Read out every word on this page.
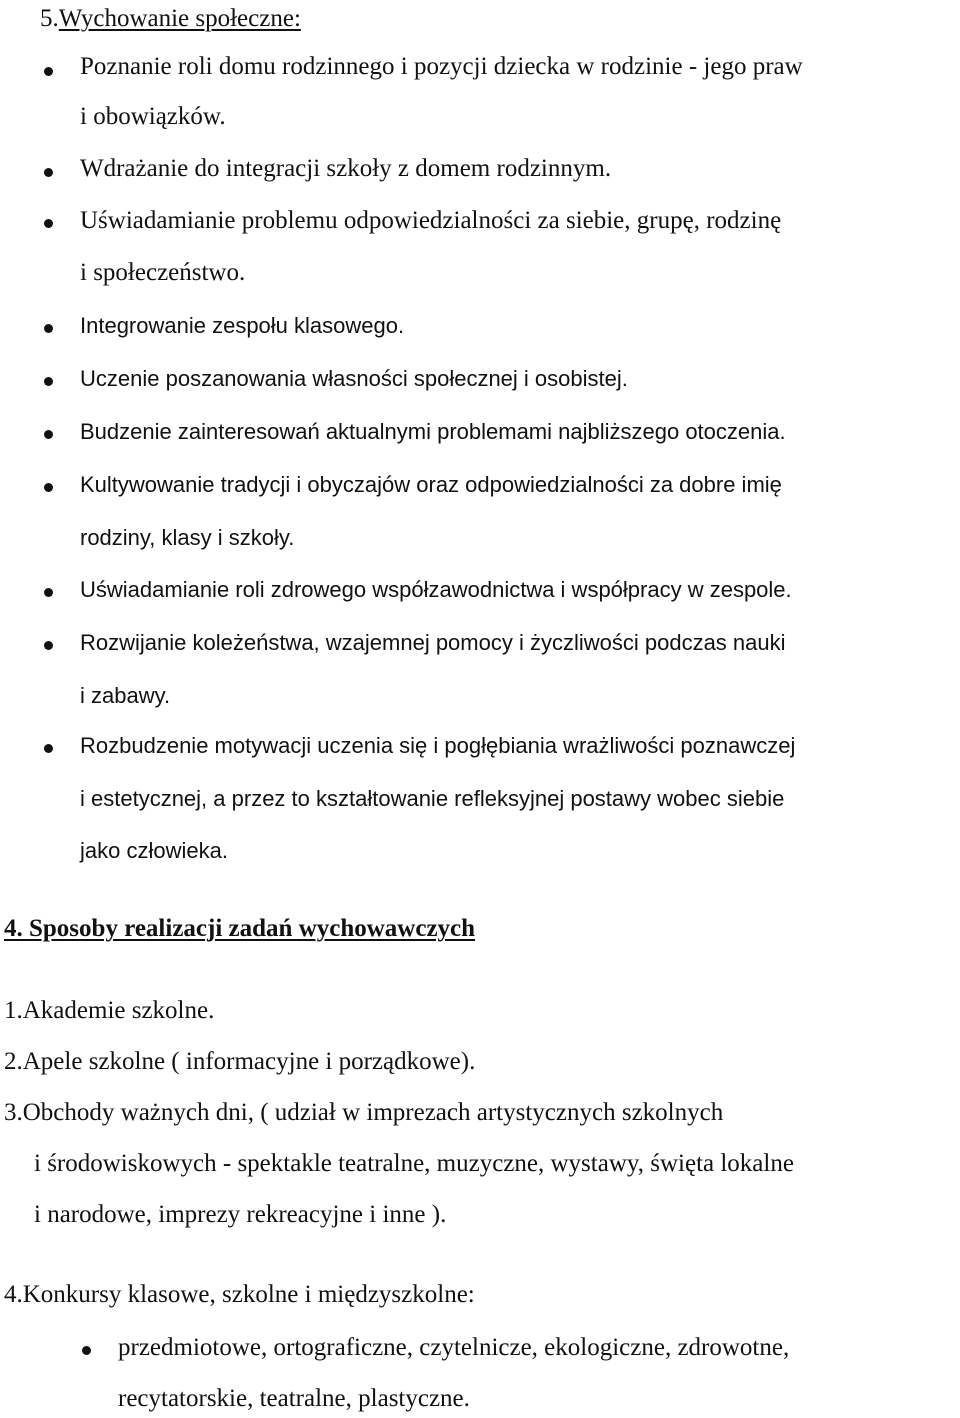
5.Wychowanie społeczne:
Poznanie roli domu rodzinnego i pozycji dziecka w rodzinie - jego praw
i obowiązków.
Wdrażanie do integracji szkoły z domem rodzinnym.
Uświadamianie problemu odpowiedzialności za siebie, grupę, rodzinę
i społeczeństwo.
Integrowanie zespołu klasowego.
Uczenie poszanowania własności społecznej i osobistej.
Budzenie zainteresowań aktualnymi problemami najbliższego otoczenia.
Kultywowanie tradycji i obyczajów oraz odpowiedzialności za dobre imię
rodziny, klasy i szkoły.
Uświadamianie roli zdrowego współzawodnictwa i współpracy w zespole.
Rozwijanie koleżeństwa, wzajemnej pomocy i życzliwości podczas nauki
i zabawy.
Rozbudzenie motywacji uczenia się i pogłębiania wrażliwości poznawczej
i estetycznej, a przez to kształtowanie refleksyjnej postawy wobec siebie
jako człowieka.
4. Sposoby realizacji zadań wychowawczych
1.Akademie szkolne.
2.Apele szkolne ( informacyjne i porządkowe).
3.Obchody ważnych dni, ( udział w imprezach artystycznych szkolnych
i środowiskowych - spektakle teatralne, muzyczne, wystawy, święta lokalne
i narodowe, imprezy rekreacyjne i inne ).
4.Konkursy klasowe, szkolne i międzyszkolne:
przedmiotowe, ortograficzne, czytelnicze, ekologiczne, zdrowotne,
recytatorskie, teatralne, plastyczne.
